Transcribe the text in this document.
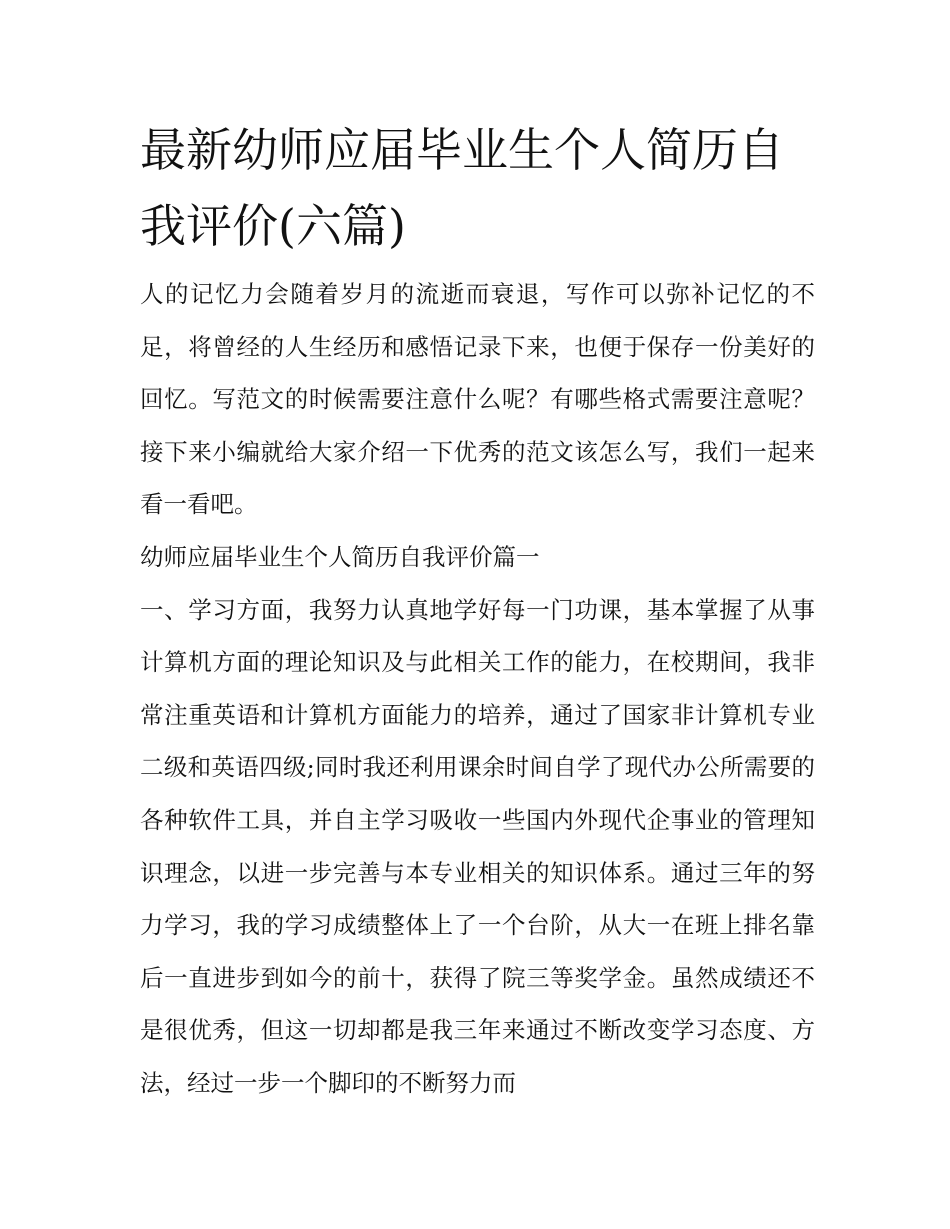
最新幼师应届毕业生个人简历自我评价(六篇)

人的记忆力会随着岁月的流逝而衰退，写作可以弥补记忆的不足，将曾经的人生经历和感悟记录下来，也便于保存一份美好的回忆。写范文的时候需要注意什么呢？有哪些格式需要注意呢？接下来小编就给大家介绍一下优秀的范文该怎么写，我们一起来看一看吧。

幼师应届毕业生个人简历自我评价篇一

一、学习方面，我努力认真地学好每一门功课，基本掌握了从事计算机方面的理论知识及与此相关工作的能力，在校期间，我非常注重英语和计算机方面能力的培养，通过了国家非计算机专业二级和英语四级;同时我还利用课余时间自学了现代办公所需要的各种软件工具，并自主学习吸收一些国内外现代企事业的管理知识理念，以进一步完善与本专业相关的知识体系。通过三年的努力学习，我的学习成绩整体上了一个台阶，从大一在班上排名靠后一直进步到如今的前十，获得了院三等奖学金。虽然成绩还不是很优秀，但这一切却都是我三年来通过不断改变学习态度、方法，经过一步一个脚印的不断努力而
